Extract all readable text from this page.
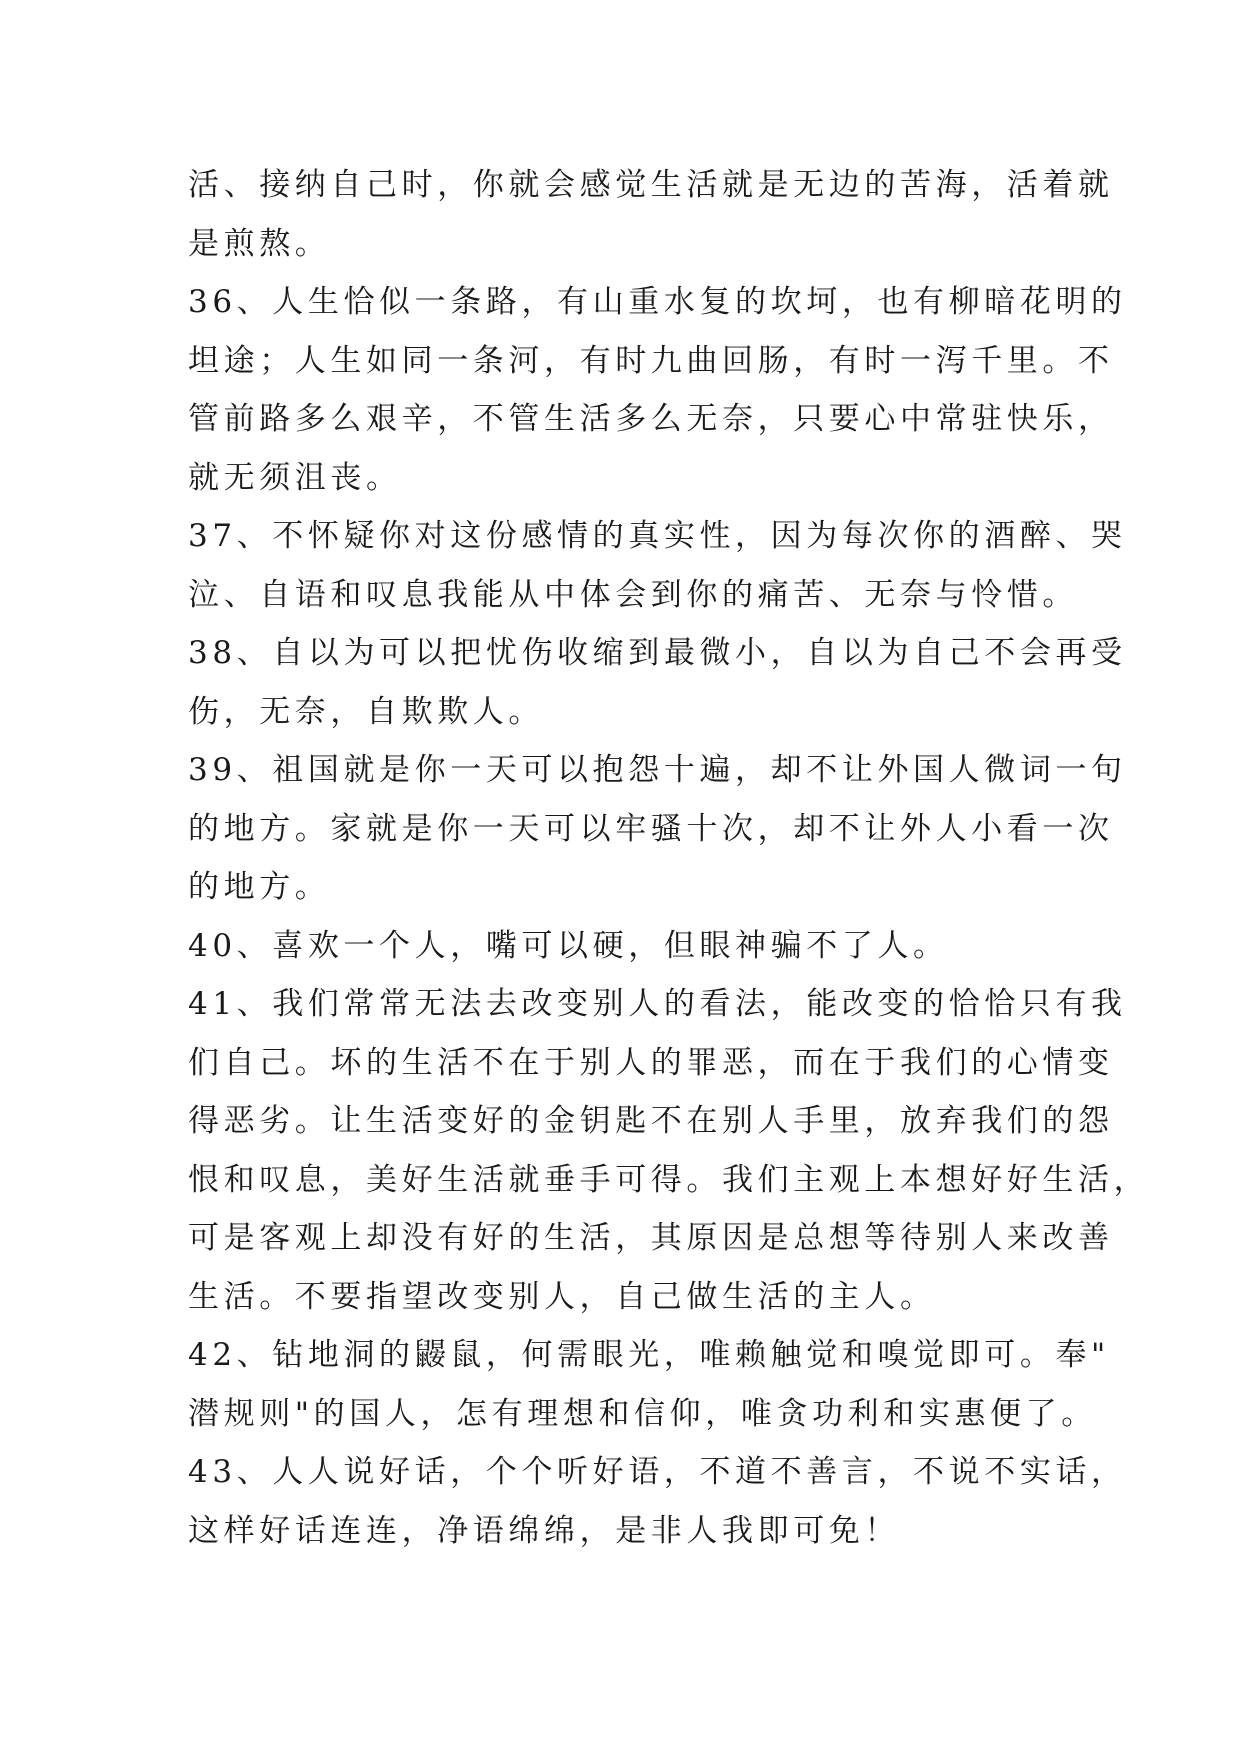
活、接纳自己时，你就会感觉生活就是无边的苦海，活着就
是煎熬。
36、人生恰似一条路，有山重水复的坎坷，也有柳暗花明的
坦途；人生如同一条河，有时九曲回肠，有时一泻千里。不
管前路多么艰辛，不管生活多么无奈，只要心中常驻快乐，
就无须沮丧。
37、不怀疑你对这份感情的真实性，因为每次你的酒醉、哭
泣、自语和叹息我能从中体会到你的痛苦、无奈与怜惜。
38、自以为可以把忧伤收缩到最微小，自以为自己不会再受
伤，无奈，自欺欺人。
39、祖国就是你一天可以抱怨十遍，却不让外国人微词一句
的地方。家就是你一天可以牢骚十次，却不让外人小看一次
的地方。
40、喜欢一个人，嘴可以硬，但眼神骗不了人。
41、我们常常无法去改变别人的看法，能改变的恰恰只有我
们自己。坏的生活不在于别人的罪恶，而在于我们的心情变
得恶劣。让生活变好的金钥匙不在别人手里，放弃我们的怨
恨和叹息，美好生活就垂手可得。我们主观上本想好好生活，
可是客观上却没有好的生活，其原因是总想等待别人来改善
生活。不要指望改变别人，自己做生活的主人。
42、钻地洞的鼹鼠，何需眼光，唯赖触觉和嗅觉即可。奉"
潜规则"的国人，怎有理想和信仰，唯贪功利和实惠便了。
43、人人说好话，个个听好语，不道不善言，不说不实话，
这样好话连连，净语绵绵，是非人我即可免！
